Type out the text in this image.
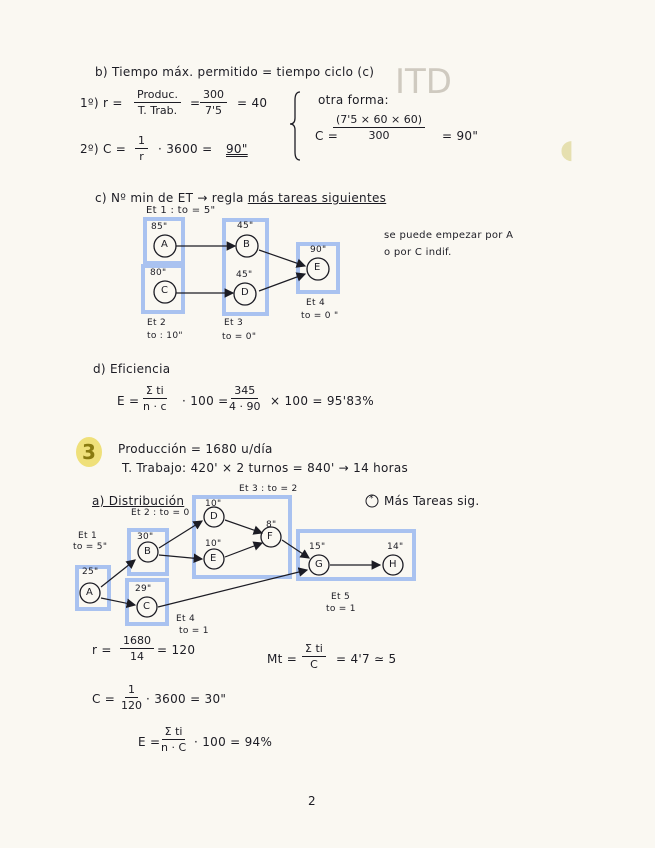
ITD
◖
b) Tiempo máx. permitido = tiempo ciclo (c)
1º) r =
Produc.
T. Trab.
= $\frac{300}{7'5} = 40$
2º) $C = \frac{1}{r} \cdot 3600 = 90$"
otra forma:
C =
$\frac{(7'5 \times 60 \times 60)}{300} = 90$"
c) Nº min de ET → regla más tareas siguientes
Et 1 : to = 5"
85"
A
45"
B
80"
C
45"
D
90"
E
se puede empezar por A
o por C indif.
Et 2
to : 10"
Et 3
to = 0"
Et 4
to = 0 "
d) Eficiencia
$E = \frac{\text{Σ ti}}{n \cdot c} \cdot 100$ =
$\frac{345}{4 \cdot 90} \times 100 = 95'83\%$
3	Producción = 1680 u/día
T. Trabajo: 420' × 2 turnos = 840' → 14 horas
Et 3 : to = 2
a) Distribución	* Más Tareas sig.
Et 2 : to = 0
Et 1
to = 5"
25"
A
30"
B
29"
C
10"
D
10"
E
8"
F
15"
G
14"
H
Et 5
to = 1
Et 4
to = 1
$r = \frac{1680}{14} = 120$
$Mt = \frac{\text{Σ ti}}{C} = 4'7$ ≃ 5
$C = \frac{1}{120} \cdot 3600 = 30$"
E =
$\frac{\text{Σ ti}}{n \cdot C} \cdot 100 = 94\%$
2
